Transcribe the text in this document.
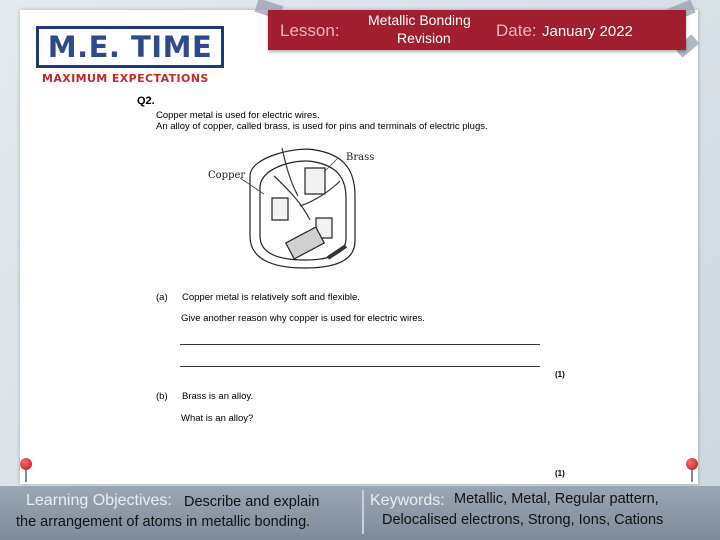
M.E. TIME
MAXIMUM EXPECTATIONS
Lesson:
Metallic Bonding
Revision	Date: January 2022
Q2.
Copper metal is used for electric wires.
An alloy of copper, called brass, is used for pins and terminals of electric plugs.
Copper
Brass
(a) Copper metal is relatively soft and flexible.
Give another reason why copper is used for electric wires.
(1)
(b) Brass is an alloy.
What is an alloy?
(1)
Learning Objectives: Describe and explain
the arrangement of atoms in metallic bonding.
Keywords: Metallic, Metal, Regular pattern,
Delocalised electrons, Strong, Ions, Cations
